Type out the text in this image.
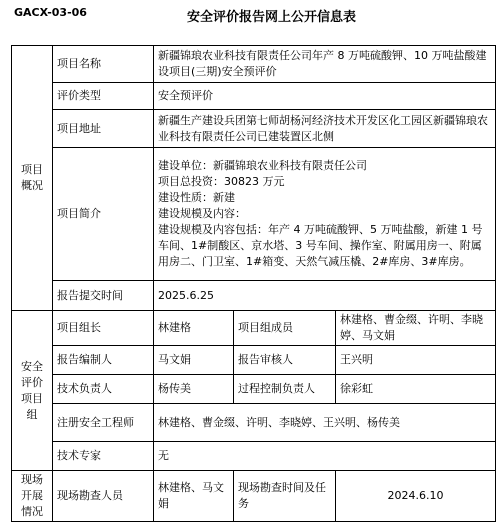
GACX-03-06	安全评价报告网上公开信息表
项目概况	项目名称	新疆锦琅农业科技有限责任公司年产 8 万吨硫酸钾、10 万吨盐酸建设项目(三期)安全预评价		
	评价类型	安全预评价		
	项目地址	新疆生产建设兵团第七师胡杨河经济技术开发区化工园区新疆锦琅农业科技有限责任公司已建装置区北侧		
	项目简介	建设单位：新疆锦琅农业科技有限责任公司
项目总投资：30823 万元
建设性质：新建
建设规模及内容：
建设规模及内容包括：年产 4 万吨硫酸钾、5 万吨盐酸，新建 1 号车间、1#制酸区、京水塔、3 号车间、操作室、附属用房一、附属用房二、门卫室、1#箱变、天然气减压橇、2#库房、3#库房。		

	报告提交时间	2025.6.25		
安全评价项目组	项目组长	林建格	项目组成员	林建格、曹金缀、许明、李晓婷、马文娟
	报告编制人	马文娟	报告审核人	王兴明
	技术负责人	杨传美	过程控制负责人	徐彩虹
	注册安全工程师	林建格、曹金缀、许明、李晓婷、王兴明、杨传美		
	技术专家	无		
现场开展情况	现场勘查人员	林建格、马文娟	现场勘查时间及任务	2024.6.10
